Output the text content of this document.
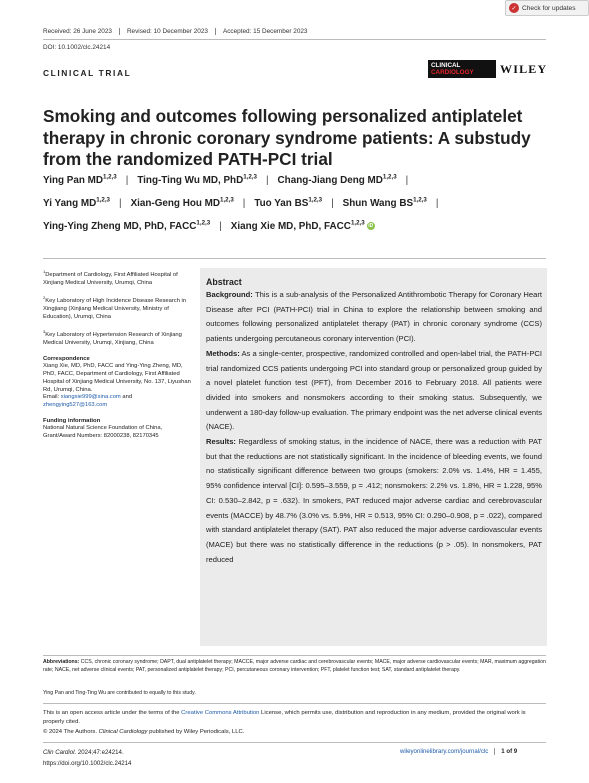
✓ Check for updates
Received: 26 June 2023	Revised: 10 December 2023	Accepted: 15 December 2023
DOI: 10.1002/clc.24214
CLINICAL TRIAL
CLINICAL
CARDIOLOGY	WILEY
Smoking and outcomes following personalized antiplatelet therapy in chronic coronary syndrome patients: A substudy from the randomized PATH-PCI trial
Ying Pan MD$^{1,2,3}$ | Ting-Ting Wu MD, PhD$^{1,2,3}$ | Chang-Jiang Deng MD$^{1,2,3}$ |
Yi Yang MD$^{1,2,3}$ | Xian-Geng Hou MD$^{1,2,3}$ | Tuo Yan BS$^{1,2,3}$ | Shun Wang BS$^{1,2,3}$ |
Ying-Ying Zheng MD, PhD, FACC$^{1,2,3}$ | Xiang Xie MD, PhD, FACC$^{1,2,3}$ iD

$^1$Department of Cardiology, First Affiliated Hospital of Xinjiang Medical University, Urumqi, China

$^2$Key Laboratory of High Incidence Disease Research in Xingjiang (Xinjiang Medical University, Ministry of Education), Urumqi, China

$^3$Key Laboratory of Hypertension Research of Xinjiang Medical University, Urumqi, Xinjiang, China

Correspondence

Xiang Xie, MD, PhD, FACC and Ying-Ying Zheng, MD, PhD, FACC, Department of Cardiology, First Affiliated Hospital of Xinjiang Medical University, No. 137, Liyushan Rd, Urumqi, China.
Email: xiangxie999@sina.com and
zhengying527@163.com

Funding information

National Natural Science Foundation of China, Grant/Award Numbers: 82000238, 82170345

Abstract

Background: This is a sub-analysis of the Personalized Antithrombotic Therapy for Coronary Heart Disease after PCI (PATH-PCI) trial in China to explore the relationship between smoking and outcomes following personalized antiplatelet therapy (PAT) in chronic coronary syndrome (CCS) patients undergoing percutaneous coronary intervention (PCI).

Methods: As a single-center, prospective, randomized controlled and open-label trial, the PATH-PCI trial randomized CCS patients undergoing PCI into standard group or personalized group guided by a novel platelet function test (PFT), from December 2016 to February 2018. All patients were divided into smokers and nonsmokers according to their smoking status. Subsequently, we underwent a 180-day follow-up evaluation. The primary endpoint was the net adverse clinical events (NACE).

Results: Regardless of smoking status, in the incidence of NACE, there was a reduction with PAT but that the reductions are not statistically significant. In the incidence of bleeding events, we found no statistically significant difference between two groups (smokers: 2.0% vs. 1.4%, HR = 1.455, 95% confidence interval [CI]: 0.595–3.559, p = .412; nonsmokers: 2.2% vs. 1.8%, HR = 1.228, 95% CI: 0.530–2.842, p = .632). In smokers, PAT reduced major adverse cardiac and cerebrovascular events (MACCE) by 48.7% (3.0% vs. 5.9%, HR = 0.513, 95% CI: 0.290–0.908, p = .022), compared with standard antiplatelet therapy (SAT). PAT also reduced the major adverse cardiovascular events (MACE) but there was no statistically difference in the reductions (p > .05). In nonsmokers, PAT reduced

Abbreviations: CCS, chronic coronary syndrome; DAPT, dual antiplatelet therapy; MACCE, major adverse cardiac and cerebrovascular events; MACE, major adverse cardiovascular events; MAR, maximum aggregation rate; NACE, net adverse clinical events; PAT, personalized antiplatelet therapy; PCI, percutaneous coronary intervention; PFT, platelet function test; SAT, standard antiplatelet therapy.
Ying Pan and Ting-Ting Wu are contributed to equally to this study.
This is an open access article under the terms of the Creative Commons Attribution License, which permits use, distribution and reproduction in any medium, provided the original work is properly cited.
© 2024 The Authors. Clinical Cardiology published by Wiley Periodicals, LLC.
Clin Cardiol. 2024;47:e24214.
https://doi.org/10.1002/clc.24214
wileyonlinelibrary.com/journal/clc	1 of 9
